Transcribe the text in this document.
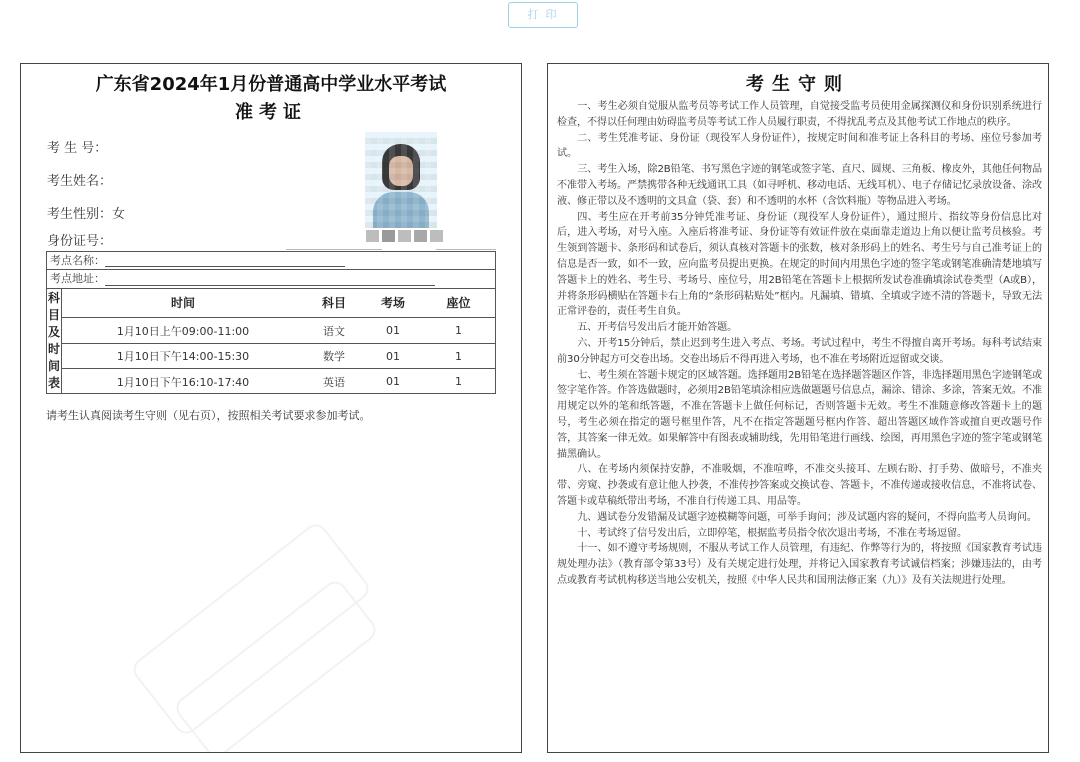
打 印
广东省2024年1月份普通高中学业水平考试
准考证
考 生 号：
考生姓名：
考生性别：女
身份证号：
考点名称：
考点地址：
科
目
及
时
间
表
时间	科目	考场	座位
1月10日上午09:00-11:00	语文	01	1
1月10日下午14:00-15:30	数学	01	1
1月10日下午16:10-17:40	英语	01	1
请考生认真阅读考生守则（见右页），按照相关考试要求参加考试。
考生守则

一、考生必须自觉服从监考员等考试工作人员管理，自觉接受监考员使用金属探测仪和身份识别系统进行检查，不得以任何理由妨碍监考员等考试工作人员履行职责，不得扰乱考点及其他考试工作地点的秩序。

二、考生凭准考证、身份证（现役军人身份证件），按规定时间和准考证上各科目的考场、座位号参加考试。

三、考生入场，除2B铅笔、书写黑色字迹的钢笔或签字笔、直尺、圆规、三角板、橡皮外，其他任何物品不准带入考场。严禁携带各种无线通讯工具（如寻呼机、移动电话、无线耳机）、电子存储记忆录放设备、涂改液、修正带以及不透明的文具盒（袋、套）和不透明的水杯（含饮料瓶）等物品进入考场。

四、考生应在开考前35分钟凭准考证、身份证（现役军人身份证件），通过照片、指纹等身份信息比对后，进入考场，对号入座。入座后将准考证、身份证等有效证件放在桌面靠走道边上角以便让监考员核验。考生领到答题卡、条形码和试卷后，须认真核对答题卡的张数，核对条形码上的姓名、考生号与自己准考证上的信息是否一致，如不一致，应向监考员提出更换。在规定的时间内用黑色字迹的签字笔或钢笔准确清楚地填写答题卡上的姓名、考生号、考场号、座位号，用2B铅笔在答题卡上根据所发试卷准确填涂试卷类型（A或B），并将条形码横贴在答题卡右上角的“条形码粘贴处”框内。凡漏填、错填、全填或字迹不清的答题卡，导致无法正常评卷的，责任考生自负。

五、开考信号发出后才能开始答题。

六、开考15分钟后，禁止迟到考生进入考点、考场。考试过程中，考生不得擅自离开考场。每科考试结束前30分钟起方可交卷出场。交卷出场后不得再进入考场，也不准在考场附近逗留或交谈。

七、考生须在答题卡规定的区域答题。选择题用2B铅笔在选择题答题区作答，非选择题用黑色字迹钢笔或签字笔作答。作答选做题时，必须用2B铅笔填涂相应选做题题号信息点，漏涂、错涂、多涂，答案无效。不准用规定以外的笔和纸答题，不准在答题卡上做任何标记，否则答题卡无效。考生不准随意修改答题卡上的题号，考生必须在指定的题号框里作答，凡不在指定答题题号框内作答、超出答题区域作答或擅自更改题号作答，其答案一律无效。如果解答中有图表或辅助线，先用铅笔进行画线、绘图，再用黑色字迹的签字笔或钢笔描黑确认。

八、在考场内须保持安静，不准吸烟，不准喧哗，不准交头接耳、左顾右盼、打手势、做暗号，不准夹带、旁窥、抄袭或有意让他人抄袭，不准传抄答案或交换试卷、答题卡，不准传递或接收信息，不准将试卷、答题卡或草稿纸带出考场，不准自行传递工具、用品等。

九、遇试卷分发错漏及试题字迹模糊等问题，可举手询问；涉及试题内容的疑问，不得向监考人员询问。

十、考试终了信号发出后，立即停笔，根据监考员指令依次退出考场，不准在考场逗留。

十一、如不遵守考场规则，不服从考试工作人员管理，有违纪、作弊等行为的，将按照《国家教育考试违规处理办法》（教育部令第33号）及有关规定进行处理，并将记入国家教育考试诚信档案；涉嫌违法的，由考点或教育考试机构移送当地公安机关，按照《中华人民共和国刑法修正案（九）》及有关法规进行处理。
